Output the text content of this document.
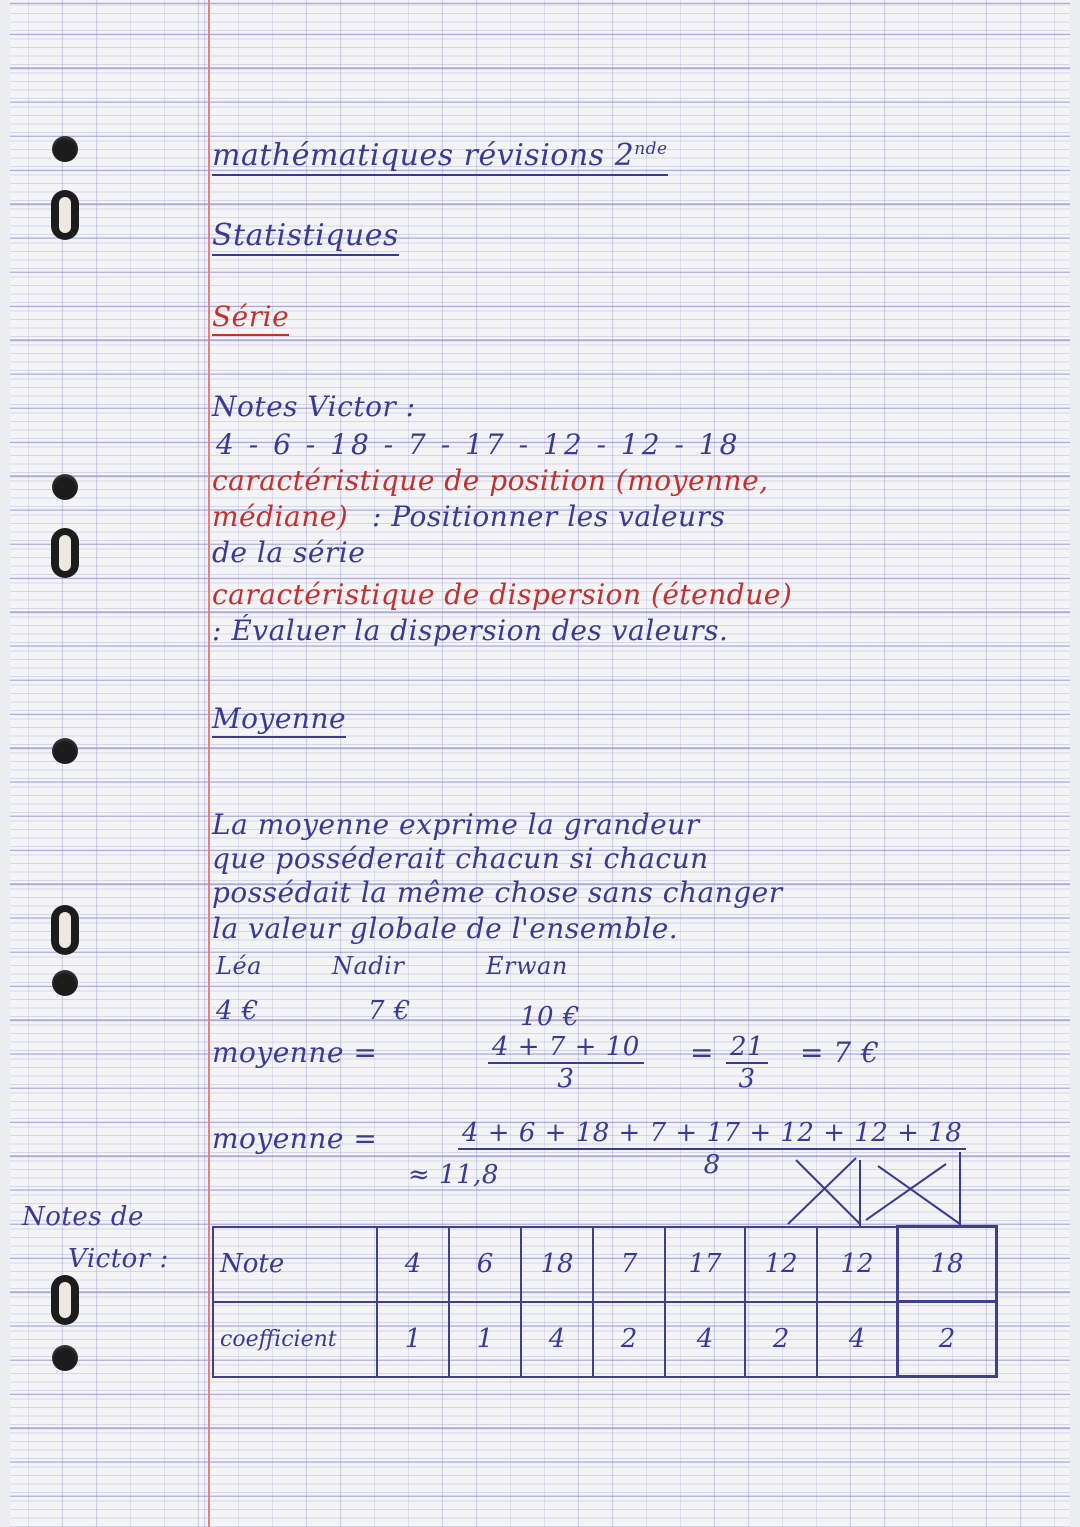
mathématiques révisions 2nde
Statistiques
Série
Notes Victor :
4 - 6 - 18 - 7 - 17 - 12 - 12 - 18
caractéristique de position (moyenne,
médiane) : Positionner les valeurs
de la série
caractéristique de dispersion (étendue)
: Évaluer la dispersion des valeurs.
Moyenne
La moyenne exprime la grandeur
que posséderait chacun si chacun
possédait la même chose sans changer
la valeur globale de l'ensemble.
Léa	Nadir	Erwan
4 €	7 €	10 €
moyenne =	$\frac{4 + 7 + 10}{3} = \frac{21}{3} = 7$ €
moyenne =	$\frac{4 + 6 + 18 + 7 + 17 + 12 + 12 + 18}{8}$
≈ 11,8
Notes de
Victor : Note	4	6	18	7	17	12	12	18
coefficient	1	1	4	2	4	2	4	2
